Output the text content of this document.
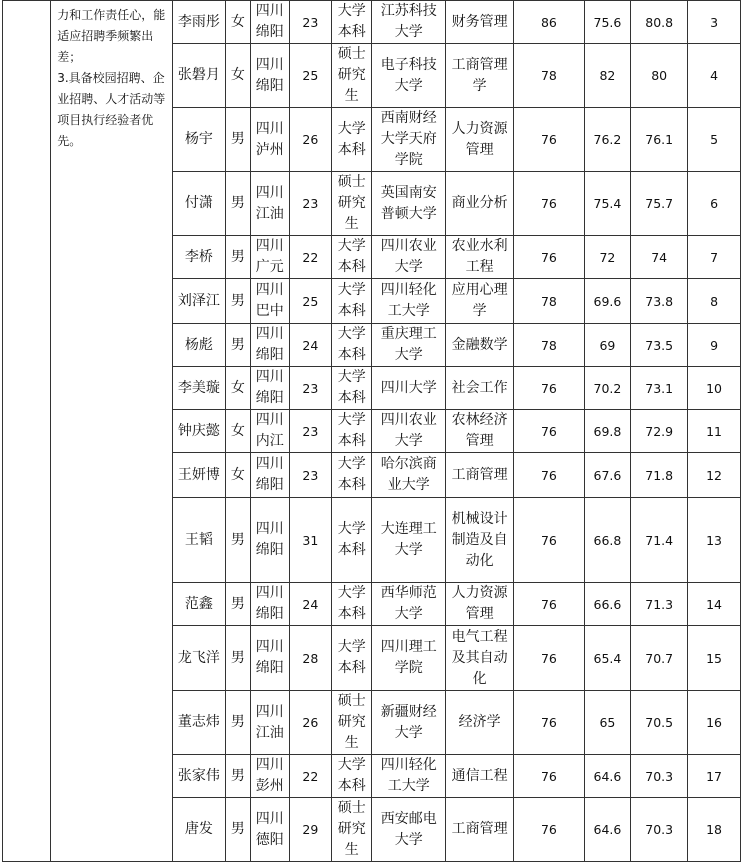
	力和工作责任心，能适应招聘季频繁出差；
3.具备校园招聘、企业招聘、人才活动等项目执行经验者优先。	李雨彤	女	四川绵阳	23	大学本科	江苏科技大学	财务管理	86	75.6	80.8	3

		张磐月	女	四川绵阳	25	硕士研究生	电子科技大学	工商管理学	78	82	80	4

		杨宇	男	四川泸州	26	大学本科	西南财经大学天府学院	人力资源管理	76	76.2	76.1	5

		付潇	男	四川江油	23	硕士研究生	英国南安普顿大学	商业分析	76	75.4	75.7	6

		李桥	男	四川广元	22	大学本科	四川农业大学	农业水利工程	76	72	74	7

		刘泽江	男	四川巴中	25	大学本科	四川轻化工大学	应用心理学	78	69.6	73.8	8

		杨彪	男	四川绵阳	24	大学本科	重庆理工大学	金融数学	78	69	73.5	9

		李美璇	女	四川绵阳	23	大学本科	四川大学	社会工作	76	70.2	73.1	10

		钟庆懿	女	四川内江	23	大学本科	四川农业大学	农林经济管理	76	69.8	72.9	11

		王妍博	女	四川绵阳	23	大学本科	哈尔滨商业大学	工商管理	76	67.6	71.8	12

		王韬	男	四川绵阳	31	大学本科	大连理工大学	机械设计制造及自动化	76	66.8	71.4	13

		范鑫	男	四川绵阳	24	大学本科	西华师范大学	人力资源管理	76	66.6	71.3	14

		龙飞洋	男	四川绵阳	28	大学本科	四川理工学院	电气工程及其自动化	76	65.4	70.7	15

		董志炜	男	四川江油	26	硕士研究生	新疆财经大学	经济学	76	65	70.5	16

		张家伟	男	四川彭州	22	大学本科	四川轻化工大学	通信工程	76	64.6	70.3	17

		唐发	男	四川德阳	29	硕士研究生	西安邮电大学	工商管理	76	64.6	70.3	18
